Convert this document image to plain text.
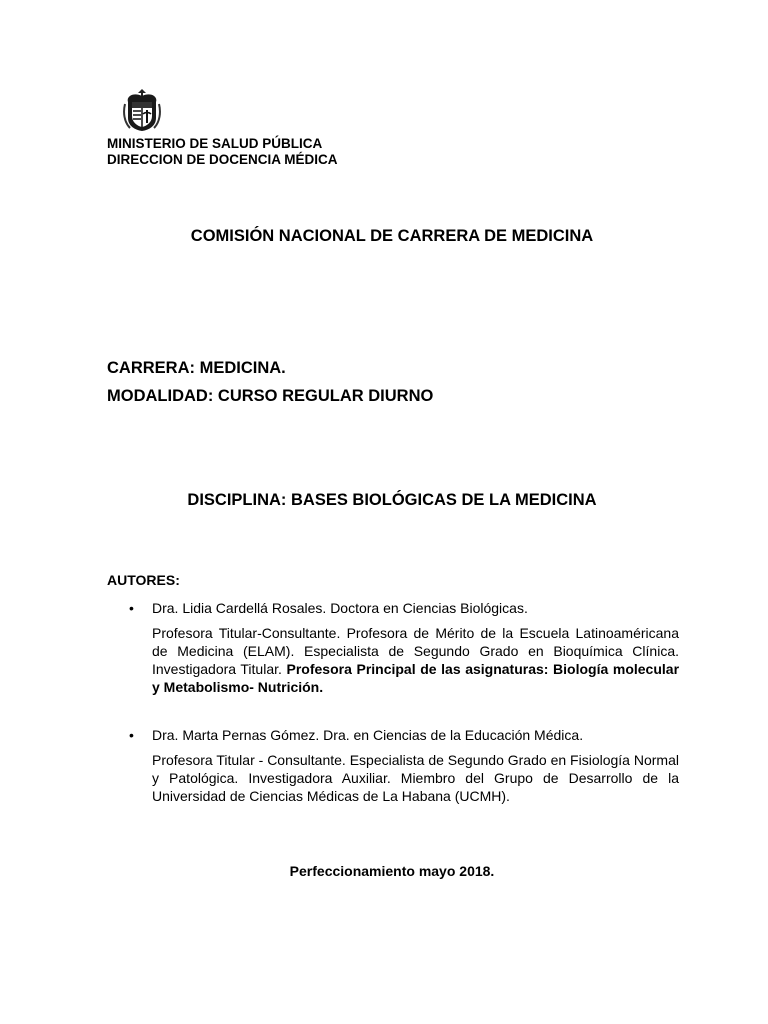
MINISTERIO DE SALUD PÚBLICA
DIRECCION DE DOCENCIA MÉDICA
COMISIÓN NACIONAL DE CARRERA DE MEDICINA
CARRERA: MEDICINA.
MODALIDAD: CURSO REGULAR DIURNO
DISCIPLINA: BASES BIOLÓGICAS DE LA MEDICINA
AUTORES:
• Dra. Lidia Cardellá Rosales. Doctora en Ciencias Biológicas.
Profesora Titular-Consultante. Profesora de Mérito de la Escuela Latinoaméricana de Medicina (ELAM). Especialista de Segundo Grado en Bioquímica Clínica. Investigadora Titular. Profesora Principal de las asignaturas: Biología molecular y Metabolismo- Nutrición.
• Dra. Marta Pernas Gómez. Dra. en Ciencias de la Educación Médica.
Profesora Titular - Consultante. Especialista de Segundo Grado en Fisiología Normal y Patológica. Investigadora Auxiliar. Miembro del Grupo de Desarrollo de la Universidad de Ciencias Médicas de La Habana (UCMH).
Perfeccionamiento mayo 2018.
